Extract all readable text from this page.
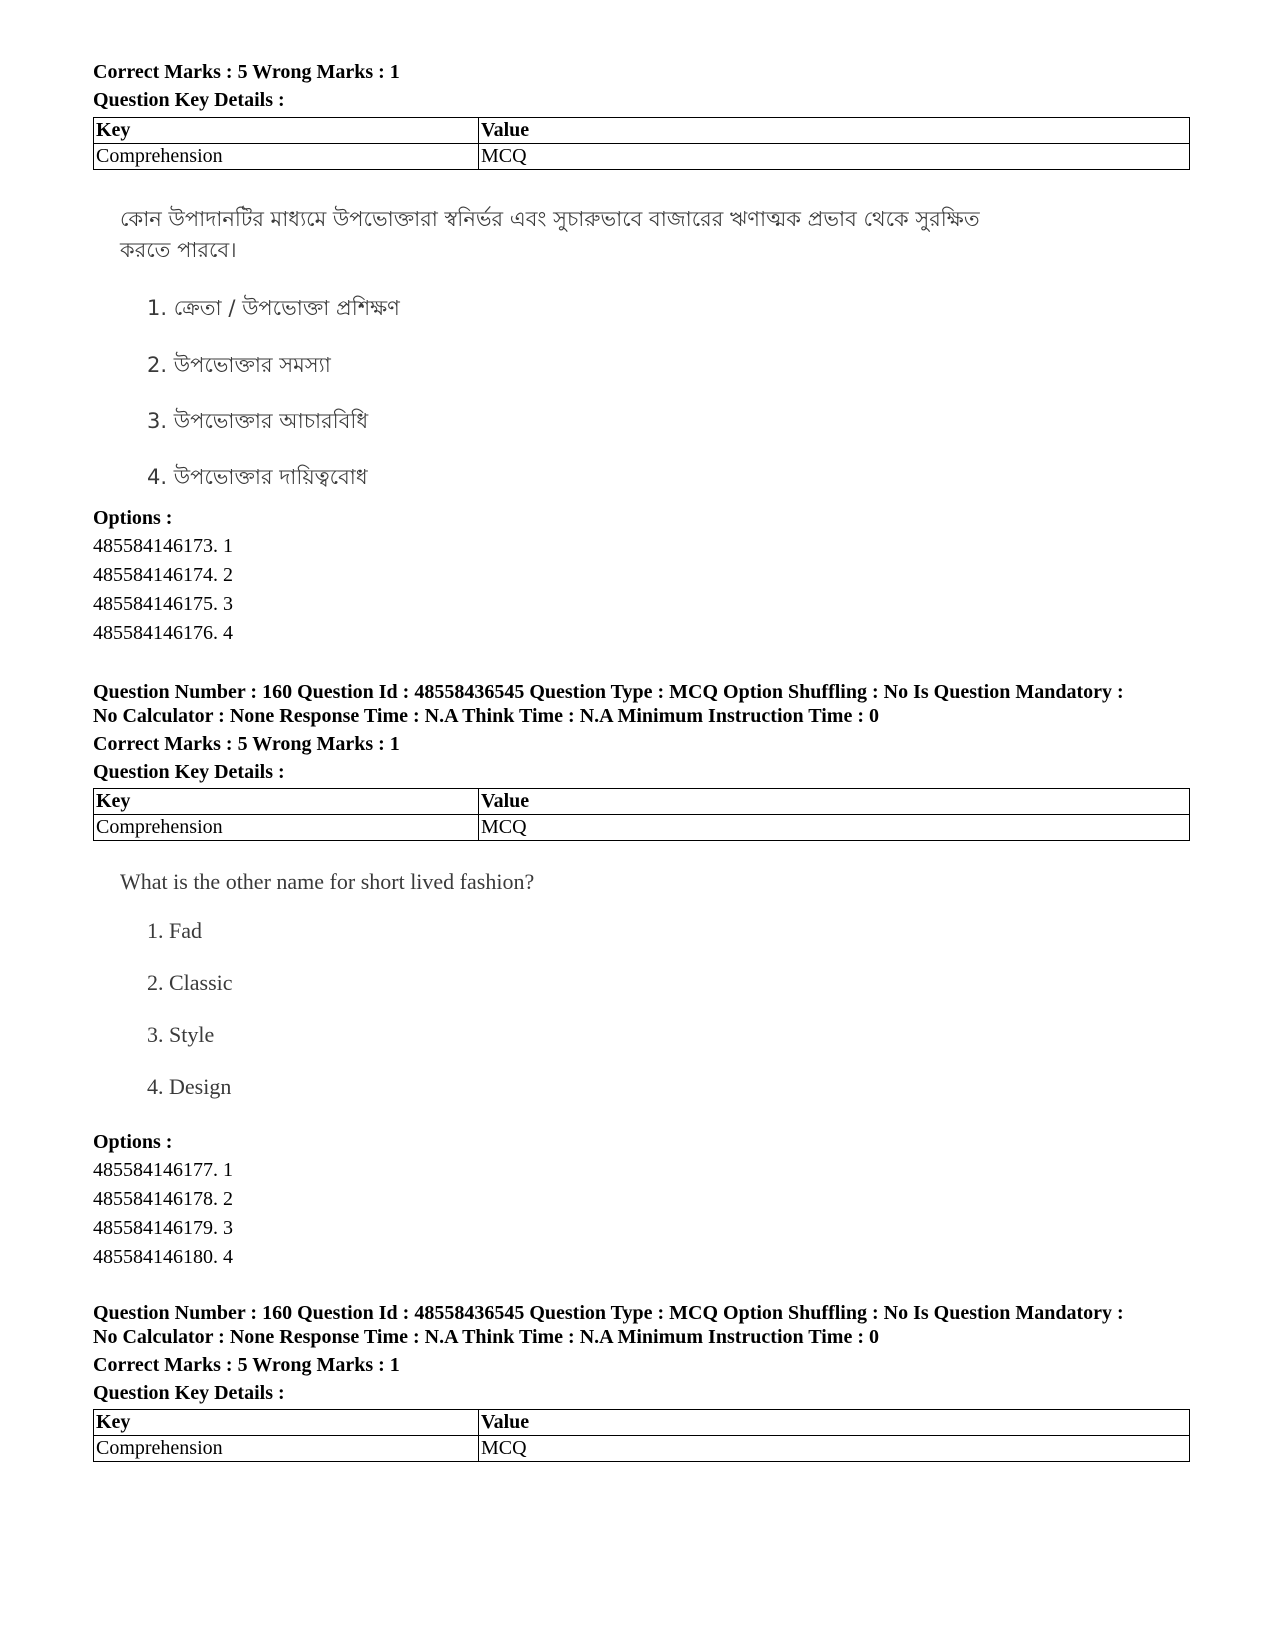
Correct Marks : 5 Wrong Marks : 1
Question Key Details :
Key	Value
Comprehension	MCQ
কোন উপাদানটির মাধ্যমে উপভোক্তারা স্বনির্ভর এবং সুচারুভাবে বাজারের ঋণাত্মক প্রভাব থেকে সুরক্ষিত
করতে পারবে।
1. ক্রেতা / উপভোক্তা প্রশিক্ষণ
2. উপভোক্তার সমস্যা
3. উপভোক্তার আচারবিধি
4. উপভোক্তার দায়িত্ববোধ
Options :
485584146173. 1
485584146174. 2
485584146175. 3
485584146176. 4
Question Number : 160 Question Id : 48558436545 Question Type : MCQ Option Shuffling : No Is Question Mandatory :
No Calculator : None Response Time : N.A Think Time : N.A Minimum Instruction Time : 0
Correct Marks : 5 Wrong Marks : 1
Question Key Details :
Key	Value
Comprehension	MCQ
What is the other name for short lived fashion?
1. Fad
2. Classic
3. Style
4. Design
Options :
485584146177. 1
485584146178. 2
485584146179. 3
485584146180. 4
Question Number : 160 Question Id : 48558436545 Question Type : MCQ Option Shuffling : No Is Question Mandatory :
No Calculator : None Response Time : N.A Think Time : N.A Minimum Instruction Time : 0
Correct Marks : 5 Wrong Marks : 1
Question Key Details :
Key	Value
Comprehension	MCQ
